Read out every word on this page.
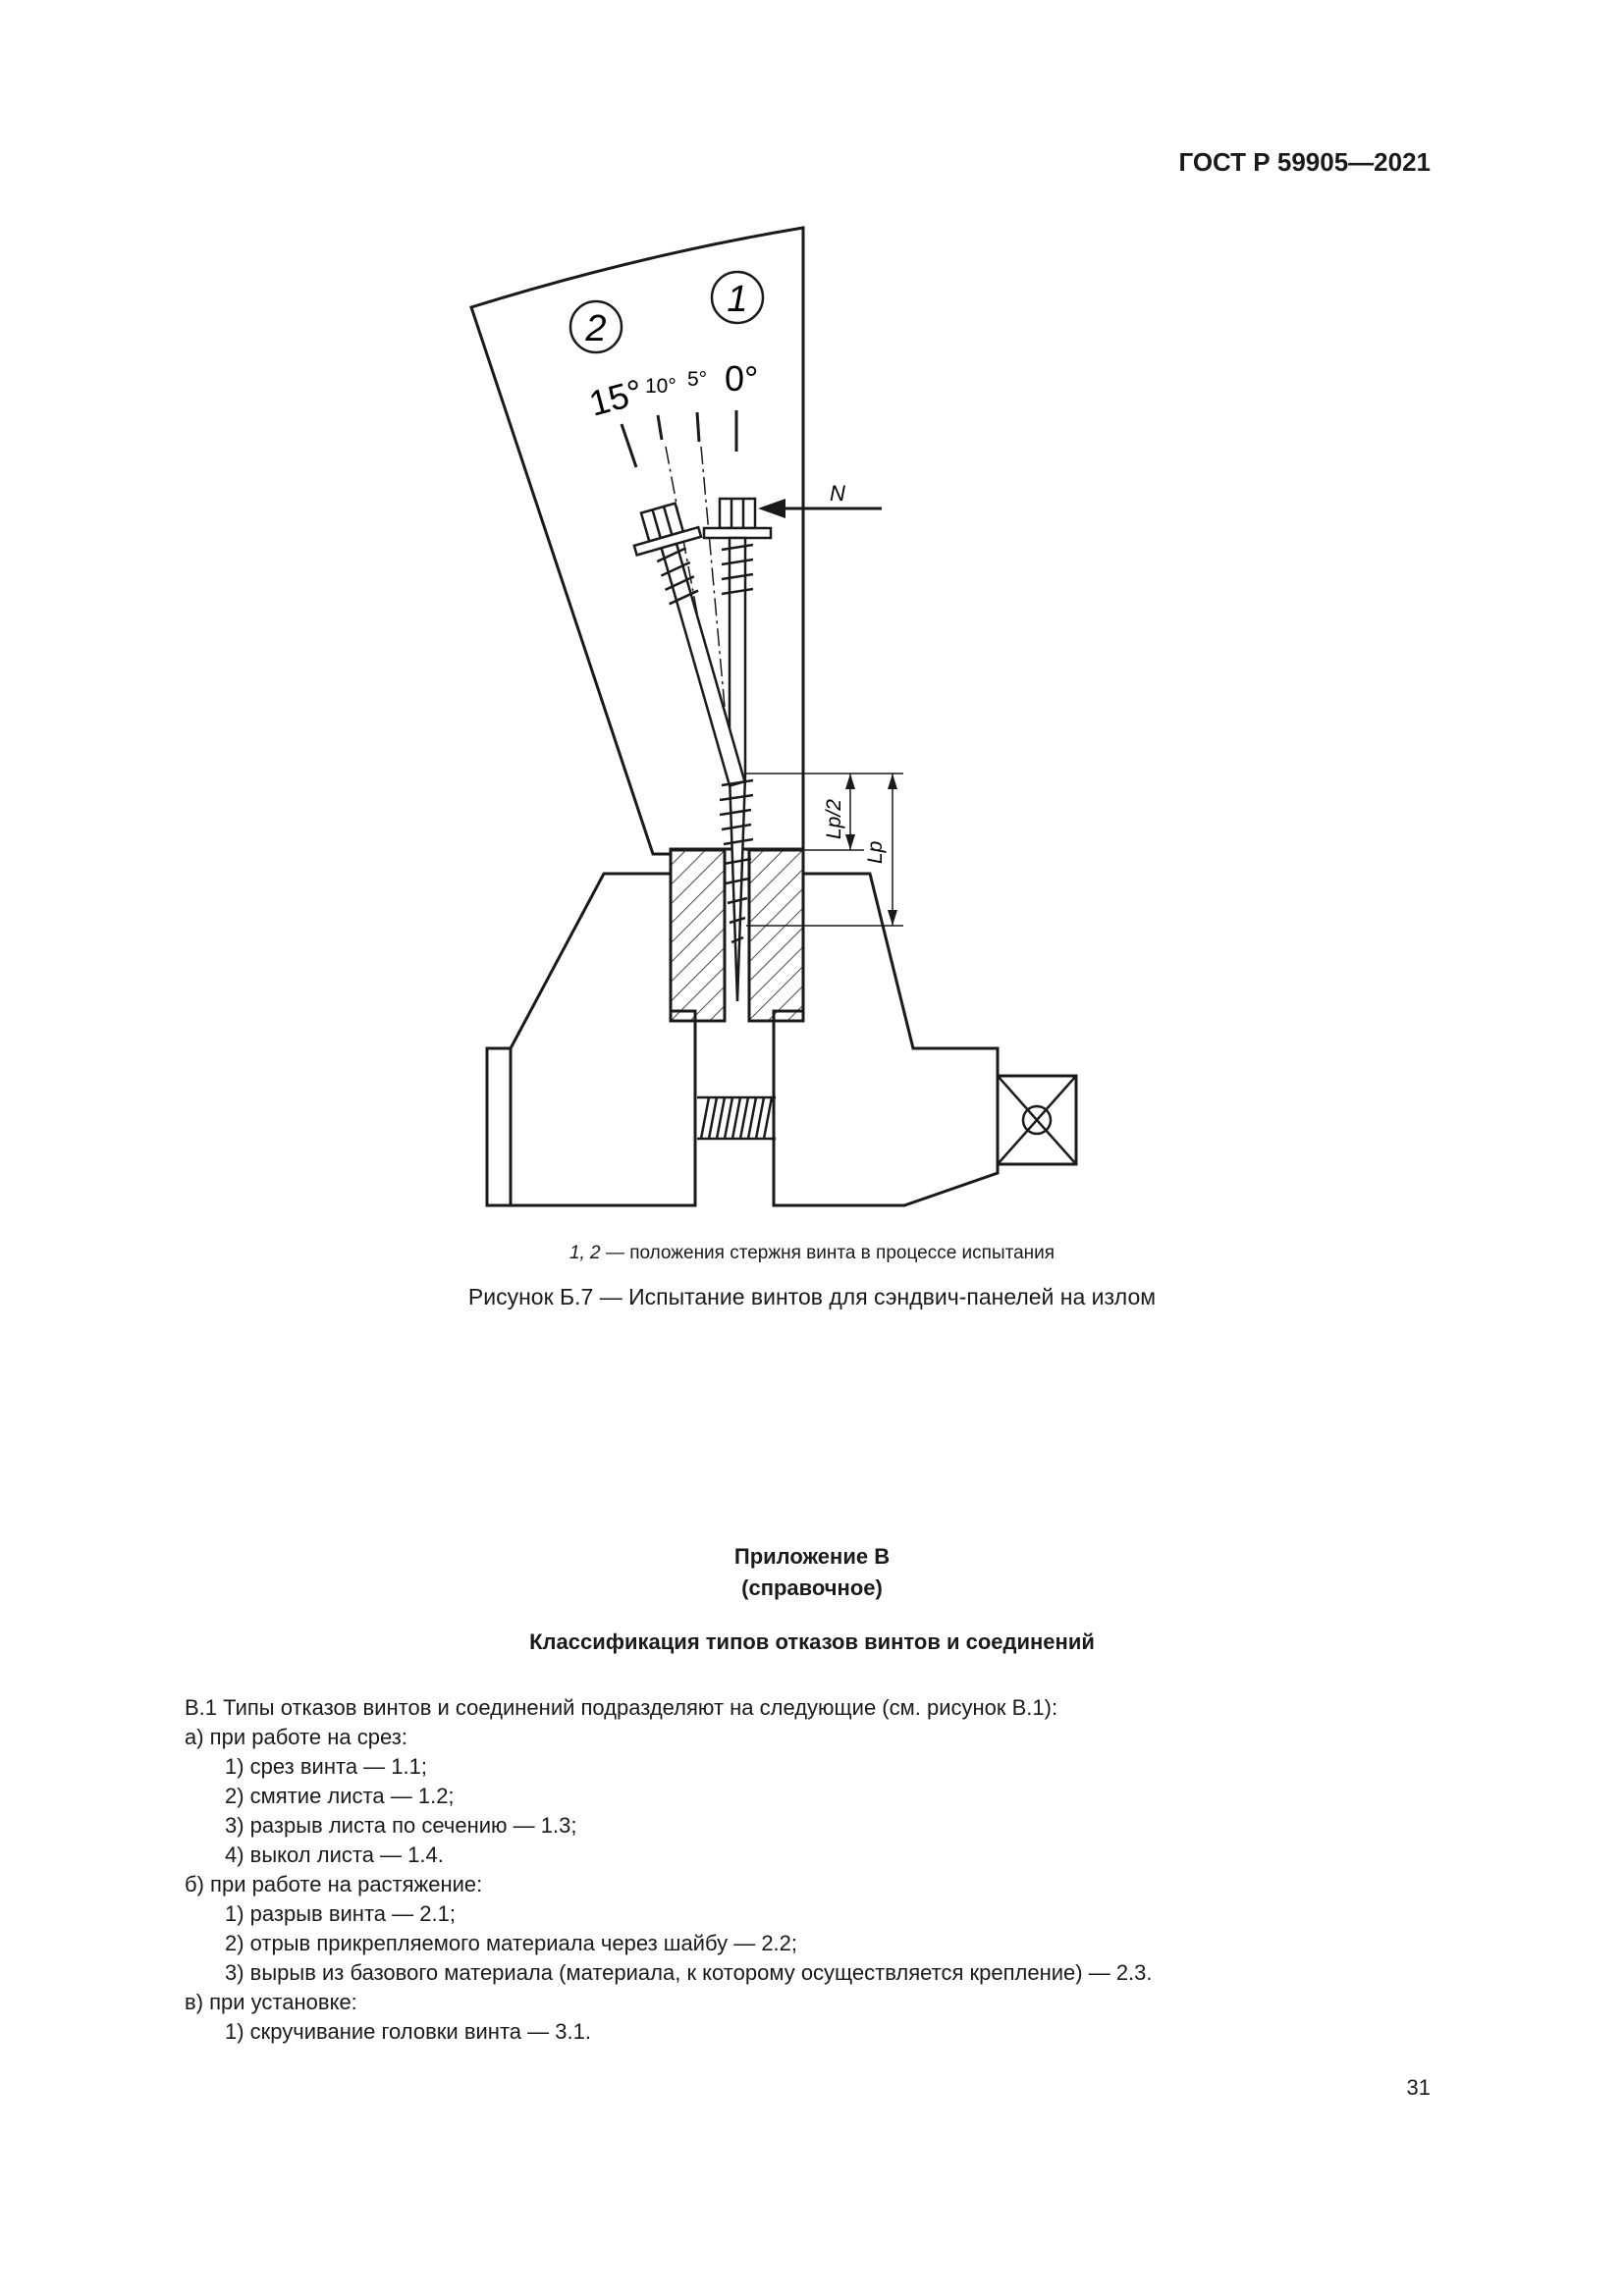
ГОСТ Р 59905—2021
2
1
15°
10° 5° 0°
N
Lp/2
Lp
1, 2 — положения стержня винта в процессе испытания
Рисунок Б.7 — Испытание винтов для сэндвич-панелей на излом
Приложение В
(справочное)
Классификация типов отказов винтов и соединений
В.1 Типы отказов винтов и соединений подразделяют на следующие (см. рисунок В.1):
а) при работе на срез:
1) срез винта — 1.1;
2) смятие листа — 1.2;
3) разрыв листа по сечению — 1.3;
4) выкол листа — 1.4.
б) при работе на растяжение:
1) разрыв винта — 2.1;
2) отрыв прикрепляемого материала через шайбу — 2.2;
3) вырыв из базового материала (материала, к которому осуществляется крепление) — 2.3.
в) при установке:
1) скручивание головки винта — 3.1.
31
